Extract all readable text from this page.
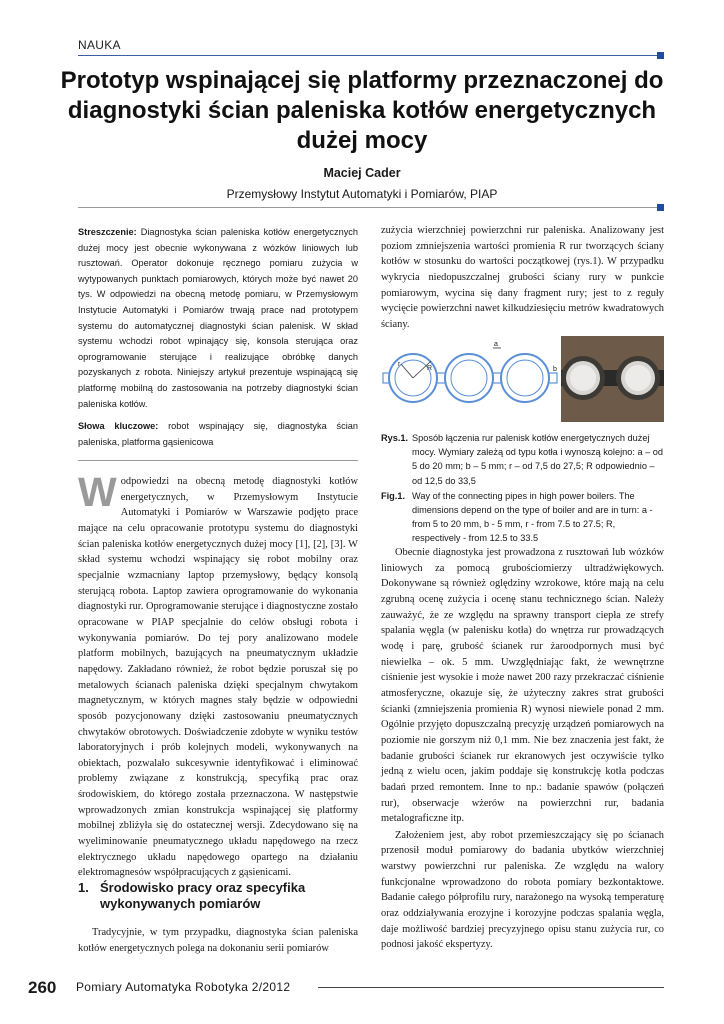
NAUKA
Prototyp wspinającej się platformy przeznaczonej do diagnostyki ścian paleniska kotłów energetycznych dużej mocy
Maciej Cader
Przemysłowy Instytut Automatyki i Pomiarów, PIAP
Streszczenie: Diagnostyka ścian paleniska kotłów energetycznych dużej mocy jest obecnie wykonywana z wózków liniowych lub rusztowań. Operator dokonuje ręcznego pomiaru zużycia w wytypowanych punktach pomiarowych, których może być nawet 20 tys. W odpowiedzi na obecną metodę pomiaru, w Przemysłowym Instytucie Automatyki i Pomiarów trwają prace nad prototypem systemu do automatycznej diagnostyki ścian palenisk. W skład systemu wchodzi robot wpinający się, konsola sterująca oraz oprogramowanie sterujące i realizujące obróbkę danych pozyskanych z robota. Niniejszy artykuł prezentuje wspinającą się platformę mobilną do zastosowania na potrzeby diagnostyki ścian paleniska kotłów.
Słowa kluczowe: robot wspinający się, diagnostyka ścian paleniska, platforma gąsienicowa
Wodpowiedzi na obecną metodę diagnostyki kotłów energetycznych, w Przemysłowym Instytucie Automatyki i Pomiarów w Warszawie podjęto prace mające na celu opracowanie prototypu systemu do diagnostyki ścian paleniska kotłów energetycznych dużej mocy [1], [2], [3]. W skład systemu wchodzi wspinający się robot mobilny oraz specjalnie wzmacniany laptop przemysłowy, będący konsolą sterującą robota. Laptop zawiera oprogramowanie do wykonania diagnostyki rur. Oprogramowanie sterujące i diagnostyczne zostało opracowane w PIAP specjalnie do celów obsługi robota i wykonywania pomiarów. Do tej pory analizowano modele platform mobilnych, bazujących na pneumatycznym układzie napędowy. Zakładano również, że robot będzie poruszał się po metalowych ścianach paleniska dzięki specjalnym chwytakom magnetycznym, w których magnes stały będzie w odpowiedni sposób pozycjonowany dzięki zastosowaniu pneumatycznych chwytaków obrotowych. Doświadczenie zdobyte w wyniku testów laboratoryjnych i prób kolejnych modeli, wykonywanych na obiektach, pozwalało sukcesywnie identyfikować i eliminować problemy związane z konstrukcją, specyfiką prac oraz środowiskiem, do którego została przeznaczona. W następstwie wprowadzonych zmian konstrukcja wspinającej się platformy mobilnej zbliżyła się do ostatecznej wersji. Zdecydowano się na wyeliminowanie pneumatycznego układu napędowego na rzecz elektrycznego układu napędowego opartego na działaniu elektromagnesów współpracujących z gąsienicami.
1. Środowisko pracy oraz specyfika
wykonywanych pomiarów

Tradycyjnie, w tym przypadku, diagnostyka ścian paleniska kotłów energetycznych polega na dokonaniu serii pomiarów

zużycia wierzchniej powierzchni rur paleniska. Analizowany jest poziom zmniejszenia wartości promienia R rur tworzących ściany kotłów w stosunku do wartości początkowej (rys.1). W przypadku wykrycia niedopuszczalnej grubości ściany rury w punkcie pomiarowym, wycina się dany fragment rury; jest to z reguły wycięcie powierzchni nawet kilkudziesięciu metrów kwadratowych ściany.

r
R
a
b
Rys.1. Sposób łączenia rur palenisk kotłów energetycznych dużej mocy. Wymiary zależą od typu kotła i wynoszą kolejno: a – od 5 do 20 mm; b – 5 mm; r – od 7,5 do 27,5; R odpowiednio – od 12,5 do 33,5
Fig.1. Way of the connecting pipes in high power boilers. The dimensions depend on the type of boiler and are in turn: a - from 5 to 20 mm, b - 5 mm, r - from 7.5 to 27.5; R, respectively - from 12.5 to 33.5

Obecnie diagnostyka jest prowadzona z rusztowań lub wózków liniowych za pomocą grubościomierzy ultradźwiękowych. Dokonywane są również oględziny wzrokowe, które mają na celu zgrubną ocenę zużycia i ocenę stanu technicznego ścian. Należy zauważyć, że ze względu na sprawny transport ciepła ze strefy spalania węgla (w palenisku kotła) do wnętrza rur prowadzących wodę i parę, grubość ścianek rur żaroodpornych musi być niewielka – ok. 5 mm. Uwzględniając fakt, że wewnętrzne ciśnienie jest wysokie i może nawet 200 razy przekraczać ciśnienie atmosferyczne, okazuje się, że użyteczny zakres strat grubości ścianki (zmniejszenia promienia R) wynosi niewiele ponad 2 mm. Ogólnie przyjęto dopuszczalną precyzję urządzeń pomiarowych na poziomie nie gorszym niż 0,1 mm. Nie bez znaczenia jest fakt, że badanie grubości ścianek rur ekranowych jest oczywiście tylko jedną z wielu ocen, jakim poddaje się konstrukcję kotła podczas badań przed remontem. Inne to np.: badanie spawów (połączeń rur), obserwacje wżerów na powierzchni rur, badania metalograficzne itp.

Założeniem jest, aby robot przemieszczający się po ścianach przenosił moduł pomiarowy do badania ubytków wierzchniej warstwy powierzchni rur paleniska. Ze względu na walory funkcjonalne wprowadzono do robota pomiary bezkontaktowe. Badanie całego półprofilu rury, narażonego na wysoką temperaturę oraz oddziaływania erozyjne i korozyjne podczas spalania węgla, daje możliwość bardziej precyzyjnego opisu stanu zużycia rur, co podnosi jakość ekspertyzy.

260 Pomiary Automatyka Robotyka 2/2012
